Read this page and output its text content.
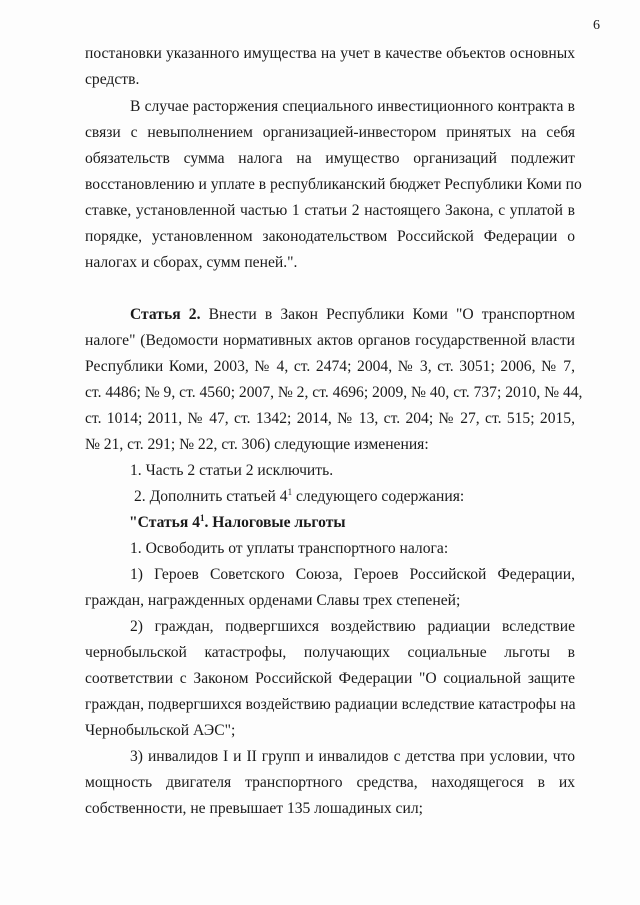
6
постановки указанного имущества на учет в качестве объектов основных
средств.
В случае расторжения специального инвестиционного контракта в
связи с невыполнением организацией-инвестором принятых на себя
обязательств сумма налога на имущество организаций подлежит
восстановлению и уплате в республиканский бюджет Республики Коми по
ставке, установленной частью 1 статьи 2 настоящего Закона, с уплатой в
порядке, установленном законодательством Российской Федерации о
налогах и сборах, сумм пеней.".
Статья 2. Внести в Закон Республики Коми "О транспортном
налоге" (Ведомости нормативных актов органов государственной власти
Республики Коми, 2003, № 4, ст. 2474; 2004, № 3, ст. 3051; 2006, № 7,
ст. 4486; № 9, ст. 4560; 2007, № 2, ст. 4696; 2009, № 40, ст. 737; 2010, № 44,
ст. 1014; 2011, № 47, ст. 1342; 2014, № 13, ст. 204; № 27, ст. 515; 2015,
№ 21, ст. 291; № 22, ст. 306) следующие изменения:
1. Часть 2 статьи 2 исключить.
2. Дополнить статьей $4^1$ следующего содержания:
"Статья $4^1$. Налоговые льготы
1. Освободить от уплаты транспортного налога:
1) Героев Советского Союза, Героев Российской Федерации,
граждан, награжденных орденами Славы трех степеней;
2) граждан, подвергшихся воздействию радиации вследствие
чернобыльской катастрофы, получающих социальные льготы в
соответствии с Законом Российской Федерации "О социальной защите
граждан, подвергшихся воздействию радиации вследствие катастрофы на
Чернобыльской АЭС";
3) инвалидов I и II групп и инвалидов с детства при условии, что
мощность двигателя транспортного средства, находящегося в их
собственности, не превышает 135 лошадиных сил;
